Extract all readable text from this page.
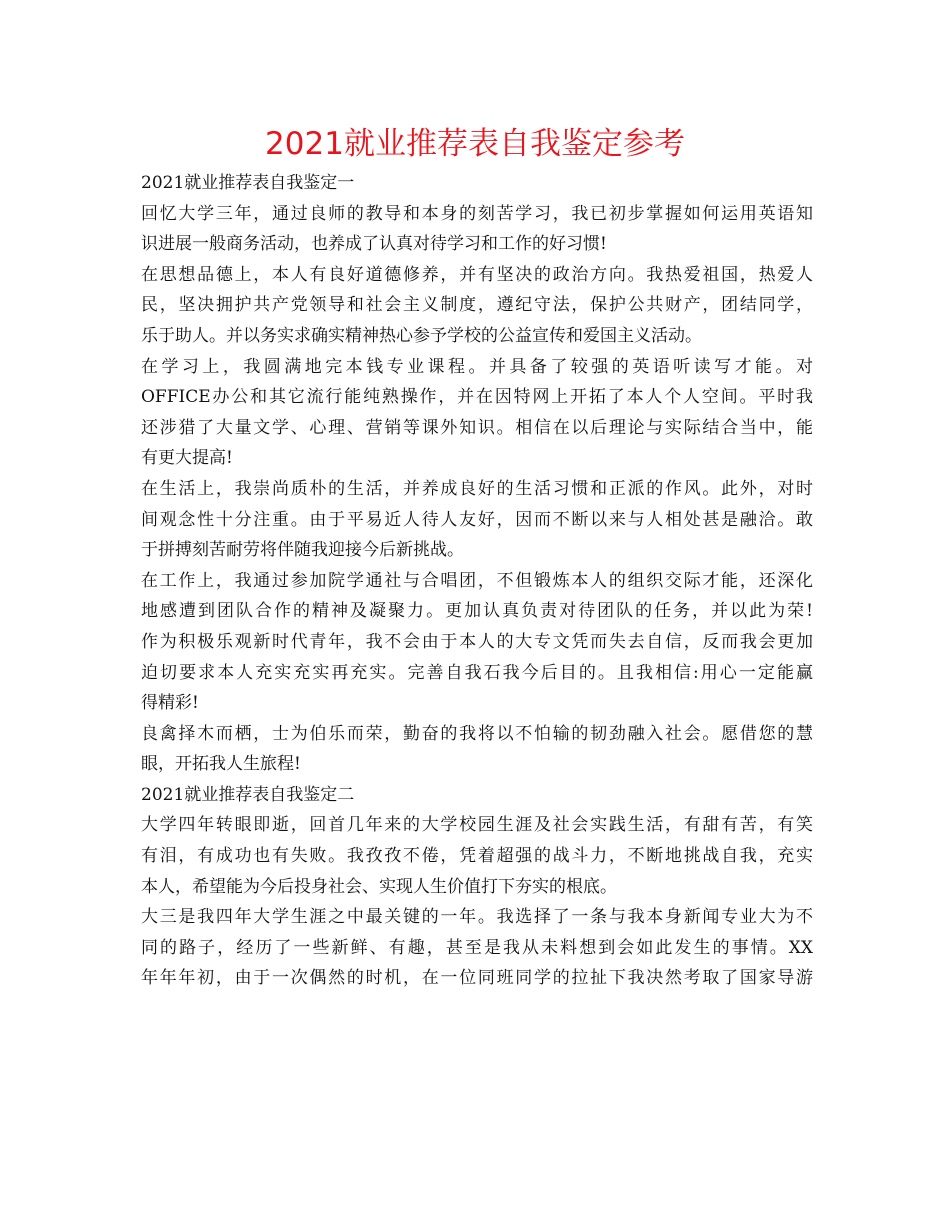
2021就业推荐表自我鉴定参考
2021就业推荐表自我鉴定一
回忆大学三年，通过良师的教导和本身的刻苦学习，我已初步掌握如何运用英语知
识进展一般商务活动，也养成了认真对待学习和工作的好习惯!
在思想品德上，本人有良好道德修养，并有坚决的政治方向。我热爱祖国，热爱人
民，坚决拥护共产党领导和社会主义制度，遵纪守法，保护公共财产，团结同学，
乐于助人。并以务实求确实精神热心参予学校的公益宣传和爱国主义活动。
在学习上，我圆满地完本钱专业课程。并具备了较强的英语听读写才能。对
OFFICE办公和其它流行能纯熟操作，并在因特网上开拓了本人个人空间。平时我
还涉猎了大量文学、心理、营销等课外知识。相信在以后理论与实际结合当中，能
有更大提高!
在生活上，我崇尚质朴的生活，并养成良好的生活习惯和正派的作风。此外，对时
间观念性十分注重。由于平易近人待人友好，因而不断以来与人相处甚是融洽。敢
于拼搏刻苦耐劳将伴随我迎接今后新挑战。
在工作上，我通过参加院学通社与合唱团，不但锻炼本人的组织交际才能，还深化
地感遭到团队合作的精神及凝聚力。更加认真负责对待团队的任务，并以此为荣!
作为积极乐观新时代青年，我不会由于本人的大专文凭而失去自信，反而我会更加
迫切要求本人充实充实再充实。完善自我石我今后目的。且我相信:用心一定能赢
得精彩!
良禽择木而栖，士为伯乐而荣，勤奋的我将以不怕输的韧劲融入社会。愿借您的慧
眼，开拓我人生旅程!
2021就业推荐表自我鉴定二
大学四年转眼即逝，回首几年来的大学校园生涯及社会实践生活，有甜有苦，有笑
有泪，有成功也有失败。我孜孜不倦，凭着超强的战斗力，不断地挑战自我，充实
本人，希望能为今后投身社会、实现人生价值打下夯实的根底。
大三是我四年大学生涯之中最关键的一年。我选择了一条与我本身新闻专业大为不
同的路子，经历了一些新鲜、有趣，甚至是我从未料想到会如此发生的事情。XX
年年年初，由于一次偶然的时机，在一位同班同学的拉扯下我决然考取了国家导游
